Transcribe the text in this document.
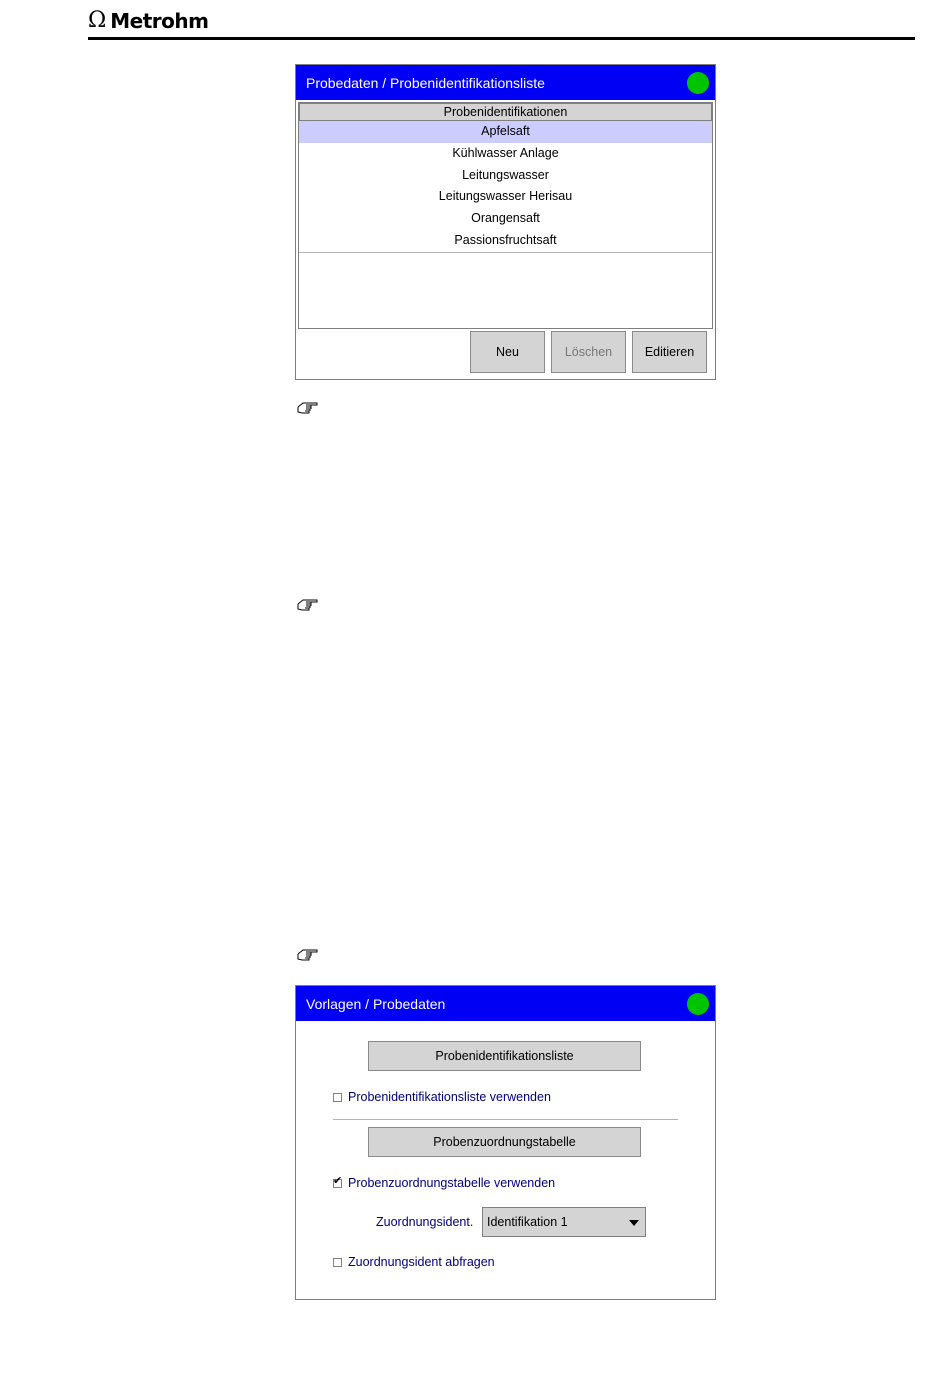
Ω Metrohm
Probedaten / Probenidentifikationsliste
Probenidentifikationen
Apfelsaft
Kühlwasser Anlage
Leitungswasser
Leitungswasser Herisau
Orangensaft
Passionsfruchtsaft
Neu	Löschen	Editieren
Vorlagen / Probedaten
Probenidentifikationsliste
Probenidentifikationsliste verwenden
Probenzuordnungstabelle
✔ Probenzuordnungstabelle verwenden
Zuordnungsident. Identifikation 1
Zuordnungsident abfragen
